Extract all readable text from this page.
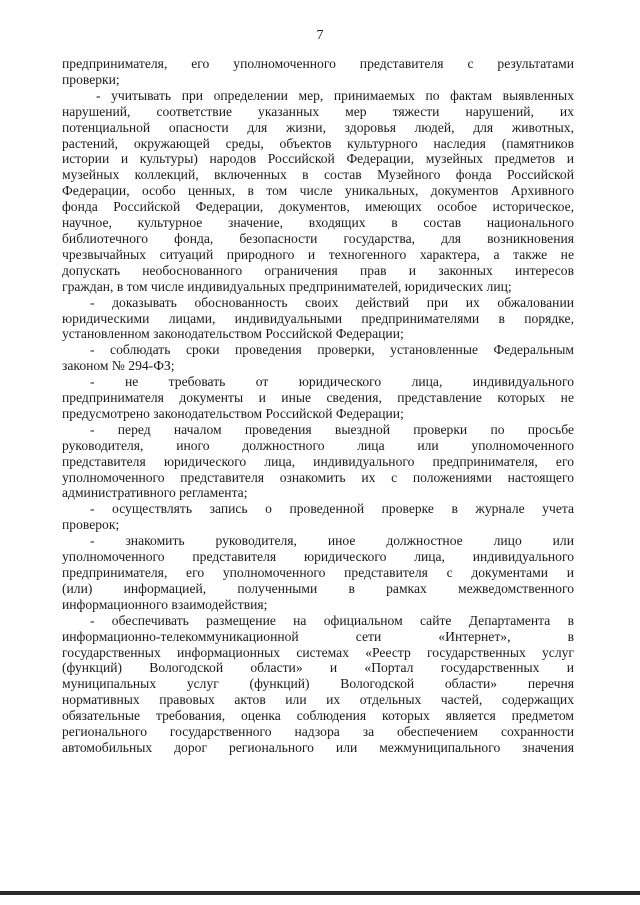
7
предпринимателя, его уполномоченного представителя с результатами
проверки;
- учитывать при определении мер, принимаемых по фактам выявленных
нарушений, соответствие указанных мер тяжести нарушений, их
потенциальной опасности для жизни, здоровья людей, для животных,
растений, окружающей среды, объектов культурного наследия (памятников
истории и культуры) народов Российской Федерации, музейных предметов и
музейных коллекций, включенных в состав Музейного фонда Российской
Федерации, особо ценных, в том числе уникальных, документов Архивного
фонда Российской Федерации, документов, имеющих особое историческое,
научное, культурное значение, входящих в состав национального
библиотечного фонда, безопасности государства, для возникновения
чрезвычайных ситуаций природного и техногенного характера, а также не
допускать необоснованного ограничения прав и законных интересов
граждан, в том числе индивидуальных предпринимателей, юридических лиц;
- доказывать обоснованность своих действий при их обжаловании
юридическими лицами, индивидуальными предпринимателями в порядке,
установленном законодательством Российской Федерации;
- соблюдать сроки проведения проверки, установленные Федеральным
законом № 294-ФЗ;
- не требовать от юридического лица, индивидуального
предпринимателя документы и иные сведения, представление которых не
предусмотрено законодательством Российской Федерации;
- перед началом проведения выездной проверки по просьбе
руководителя, иного должностного лица или уполномоченного
представителя юридического лица, индивидуального предпринимателя, его
уполномоченного представителя ознакомить их с положениями настоящего
административного регламента;
- осуществлять запись о проведенной проверке в журнале учета
проверок;
- знакомить руководителя, иное должностное лицо или
уполномоченного представителя юридического лица, индивидуального
предпринимателя, его уполномоченного представителя с документами и
(или) информацией, полученными в рамках межведомственного
информационного взаимодействия;
- обеспечивать размещение на официальном сайте Департамента в
информационно-телекоммуникационной сети «Интернет», в
государственных информационных системах «Реестр государственных услуг
(функций) Вологодской области» и «Портал государственных и
муниципальных услуг (функций) Вологодской области» перечня
нормативных правовых актов или их отдельных частей, содержащих
обязательные требования, оценка соблюдения которых является предметом
регионального государственного надзора за обеспечением сохранности
автомобильных дорог регионального или межмуниципального значения
